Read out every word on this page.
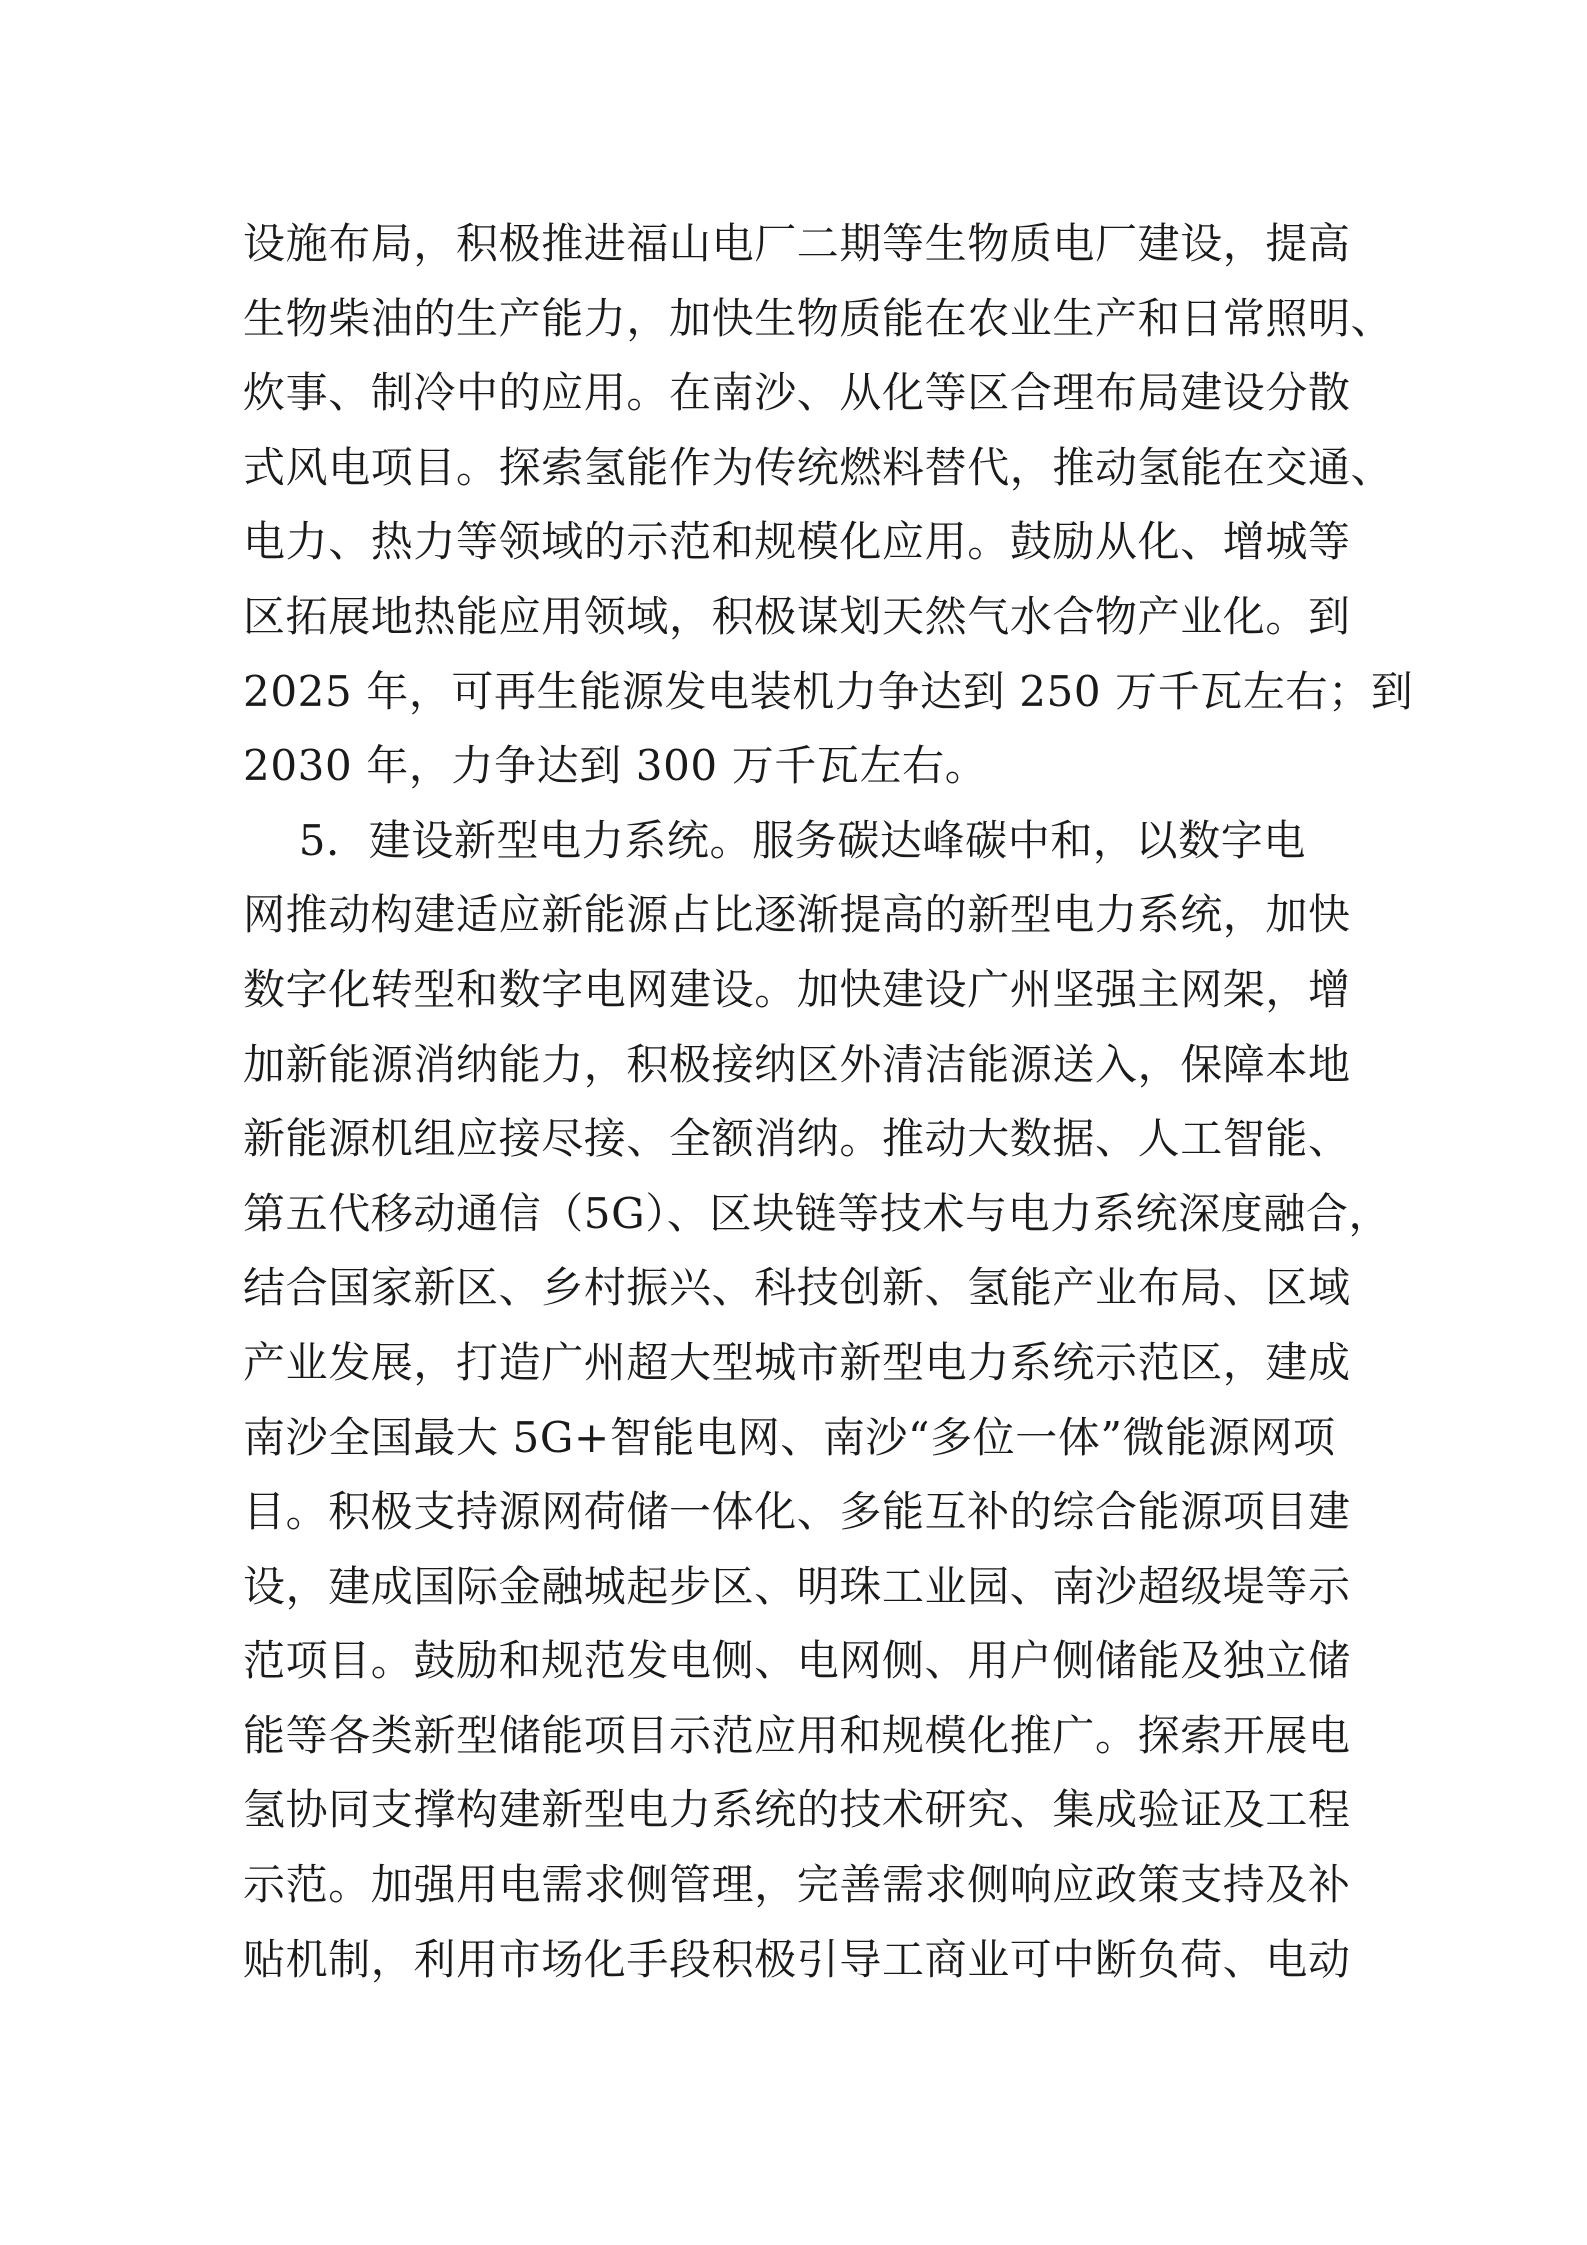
设施布局，积极推进福山电厂二期等生物质电厂建设，提高
生物柴油的生产能力，加快生物质能在农业生产和日常照明、
炊事、制冷中的应用。在南沙、从化等区合理布局建设分散
式风电项目。探索氢能作为传统燃料替代，推动氢能在交通、
电力、热力等领域的示范和规模化应用。鼓励从化、增城等
区拓展地热能应用领域，积极谋划天然气水合物产业化。到
2025 年，可再生能源发电装机力争达到 250 万千瓦左右；到
2030 年，力争达到 300 万千瓦左右。
5．建设新型电力系统。服务碳达峰碳中和，以数字电
网推动构建适应新能源占比逐渐提高的新型电力系统，加快
数字化转型和数字电网建设。加快建设广州坚强主网架，增
加新能源消纳能力，积极接纳区外清洁能源送入，保障本地
新能源机组应接尽接、全额消纳。推动大数据、人工智能、
第五代移动通信（5G）、区块链等技术与电力系统深度融合，
结合国家新区、乡村振兴、科技创新、氢能产业布局、区域
产业发展，打造广州超大型城市新型电力系统示范区，建成
南沙全国最大 5G+智能电网、南沙“多位一体”微能源网项
目。积极支持源网荷储一体化、多能互补的综合能源项目建
设，建成国际金融城起步区、明珠工业园、南沙超级堤等示
范项目。鼓励和规范发电侧、电网侧、用户侧储能及独立储
能等各类新型储能项目示范应用和规模化推广。探索开展电
氢协同支撑构建新型电力系统的技术研究、集成验证及工程
示范。加强用电需求侧管理，完善需求侧响应政策支持及补
贴机制，利用市场化手段积极引导工商业可中断负荷、电动
